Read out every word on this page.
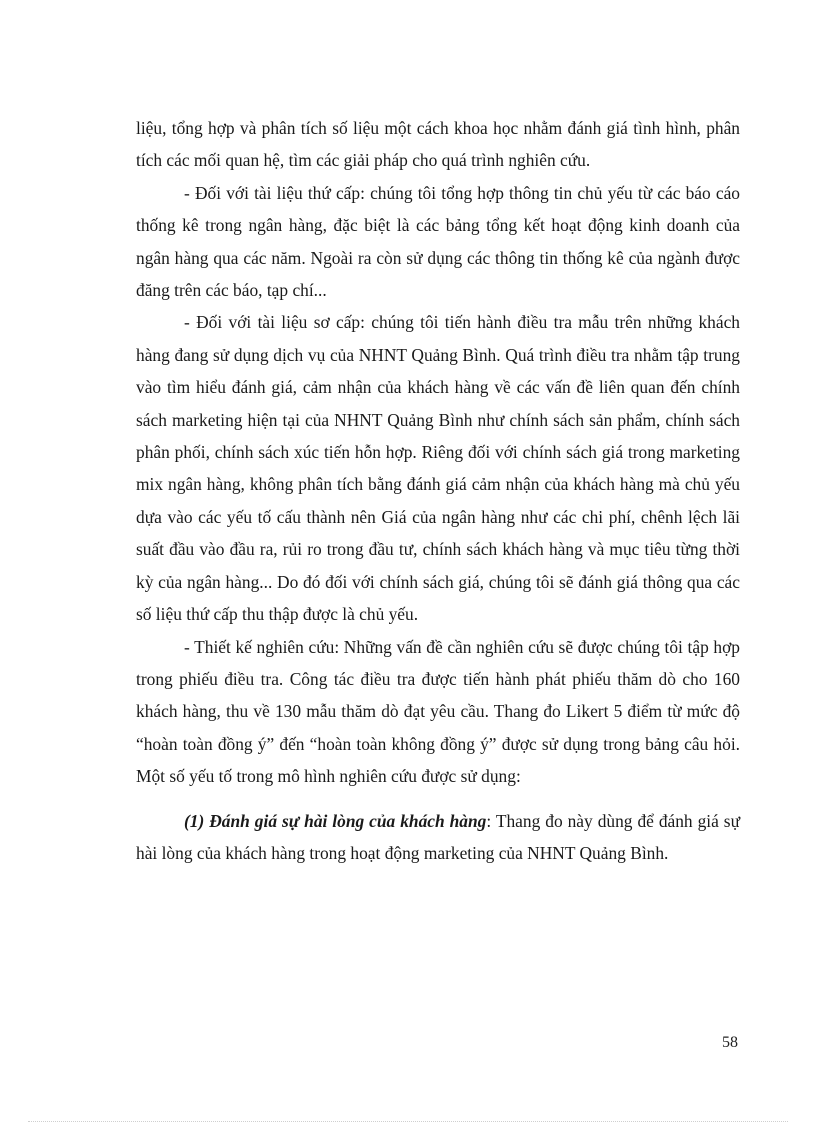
liệu, tổng hợp và phân tích số liệu một cách khoa học nhằm đánh giá tình hình, phân tích các mối quan hệ, tìm các giải pháp cho quá trình nghiên cứu.

- Đối với tài liệu thứ cấp: chúng tôi tổng hợp thông tin chủ yếu từ các báo cáo thống kê trong ngân hàng, đặc biệt là các bảng tổng kết hoạt động kinh doanh của ngân hàng qua các năm. Ngoài ra còn sử dụng các thông tin thống kê của ngành được đăng trên các báo, tạp chí...

- Đối với tài liệu sơ cấp: chúng tôi tiến hành điều tra mẫu trên những khách hàng đang sử dụng dịch vụ của NHNT Quảng Bình. Quá trình điều tra nhằm tập trung vào tìm hiểu đánh giá, cảm nhận của khách hàng về các vấn đề liên quan đến chính sách marketing hiện tại của NHNT Quảng Bình như chính sách sản phẩm, chính sách phân phối, chính sách xúc tiến hỗn hợp. Riêng đối với chính sách giá trong marketing mix ngân hàng, không phân tích bằng đánh giá cảm nhận của khách hàng mà chủ yếu dựa vào các yếu tố cấu thành nên Giá của ngân hàng như các chi phí, chênh lệch lãi suất đầu vào đầu ra, rủi ro trong đầu tư, chính sách khách hàng và mục tiêu từng thời kỳ của ngân hàng... Do đó đối với chính sách giá, chúng tôi sẽ đánh giá thông qua các số liệu thứ cấp thu thập được là chủ yếu.

- Thiết kế nghiên cứu: Những vấn đề cần nghiên cứu sẽ được chúng tôi tập hợp trong phiếu điều tra. Công tác điều tra được tiến hành phát phiếu thăm dò cho 160 khách hàng, thu về 130 mẫu thăm dò đạt yêu cầu. Thang đo Likert 5 điểm từ mức độ “hoàn toàn đồng ý” đến “hoàn toàn không đồng ý” được sử dụng trong bảng câu hỏi. Một số yếu tố trong mô hình nghiên cứu được sử dụng:

(1) Đánh giá sự hài lòng của khách hàng: Thang đo này dùng để đánh giá sự hài lòng của khách hàng trong hoạt động marketing của NHNT Quảng Bình.

58
